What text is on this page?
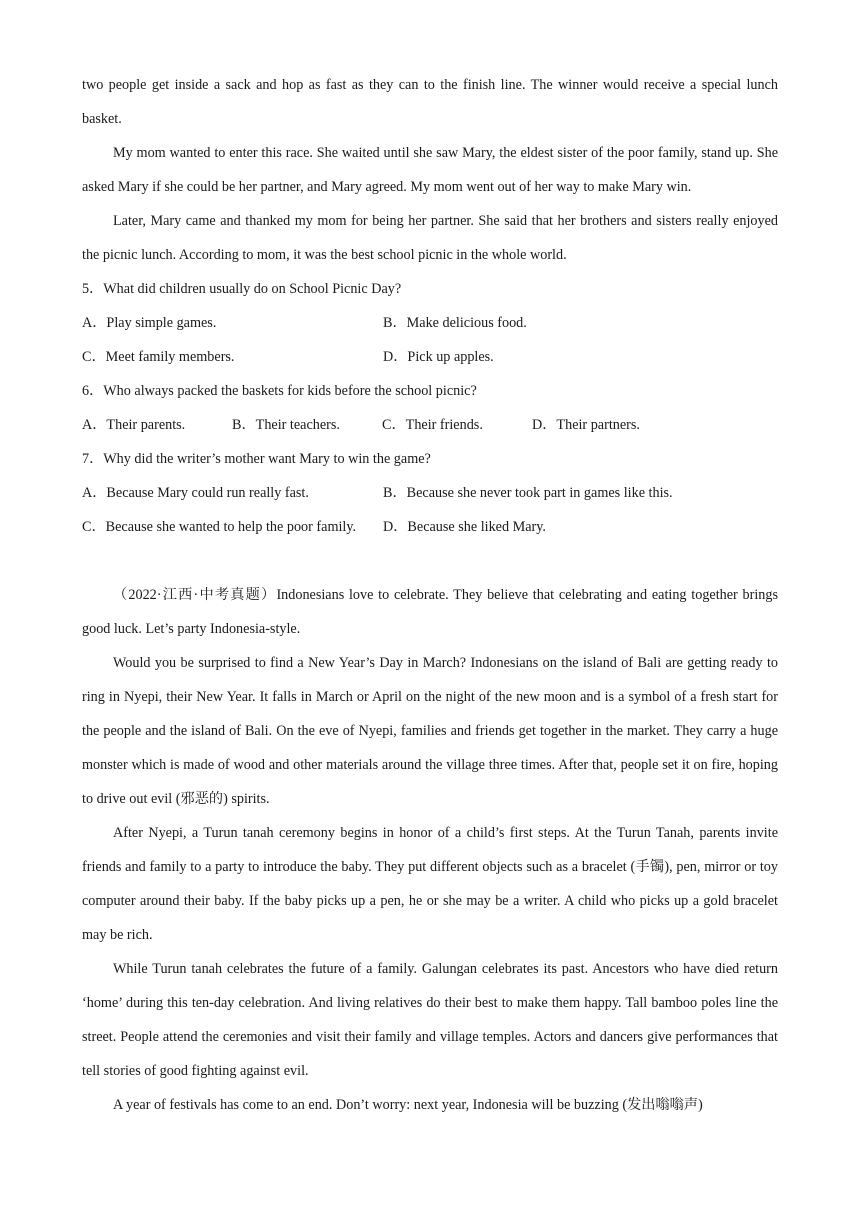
two people get inside a sack and hop as fast as they can to the finish line. The winner would receive a special lunch basket.
My mom wanted to enter this race. She waited until she saw Mary, the eldest sister of the poor family, stand up. She asked Mary if she could be her partner, and Mary agreed. My mom went out of her way to make Mary win.
Later, Mary came and thanked my mom for being her partner. She said that her brothers and sisters really enjoyed the picnic lunch. According to mom, it was the best school picnic in the whole world.
5．What did children usually do on School Picnic Day?
A．Play simple games.	B．Make delicious food.
C．Meet family members.	D．Pick up apples.
6．Who always packed the baskets for kids before the school picnic?
A．Their parents.	B．Their teachers.	C．Their friends.	D．Their partners.
7．Why did the writer’s mother want Mary to win the game?
A．Because Mary could run really fast.	B．Because she never took part in games like this.
C．Because she wanted to help the poor family.	D．Because she liked Mary.
（2022·江西·中考真题）Indonesians love to celebrate. They believe that celebrating and eating together brings good luck. Let’s party Indonesia-style.
Would you be surprised to find a New Year’s Day in March? Indonesians on the island of Bali are getting ready to ring in Nyepi, their New Year. It falls in March or April on the night of the new moon and is a symbol of a fresh start for the people and the island of Bali. On the eve of Nyepi, families and friends get together in the market. They carry a huge monster which is made of wood and other materials around the village three times. After that, people set it on fire, hoping to drive out evil (邪恶的) spirits.
After Nyepi, a Turun tanah ceremony begins in honor of a child’s first steps. At the Turun Tanah, parents invite friends and family to a party to introduce the baby. They put different objects such as a bracelet (手镯), pen, mirror or toy computer around their baby. If the baby picks up a pen, he or she may be a writer. A child who picks up a gold bracelet may be rich.
While Turun tanah celebrates the future of a family. Galungan celebrates its past. Ancestors who have died return ‘home’ during this ten-day celebration. And living relatives do their best to make them happy. Tall bamboo poles line the street. People attend the ceremonies and visit their family and village temples. Actors and dancers give performances that tell stories of good fighting against evil.
A year of festivals has come to an end. Don’t worry: next year, Indonesia will be buzzing (发出嗡嗡声)
